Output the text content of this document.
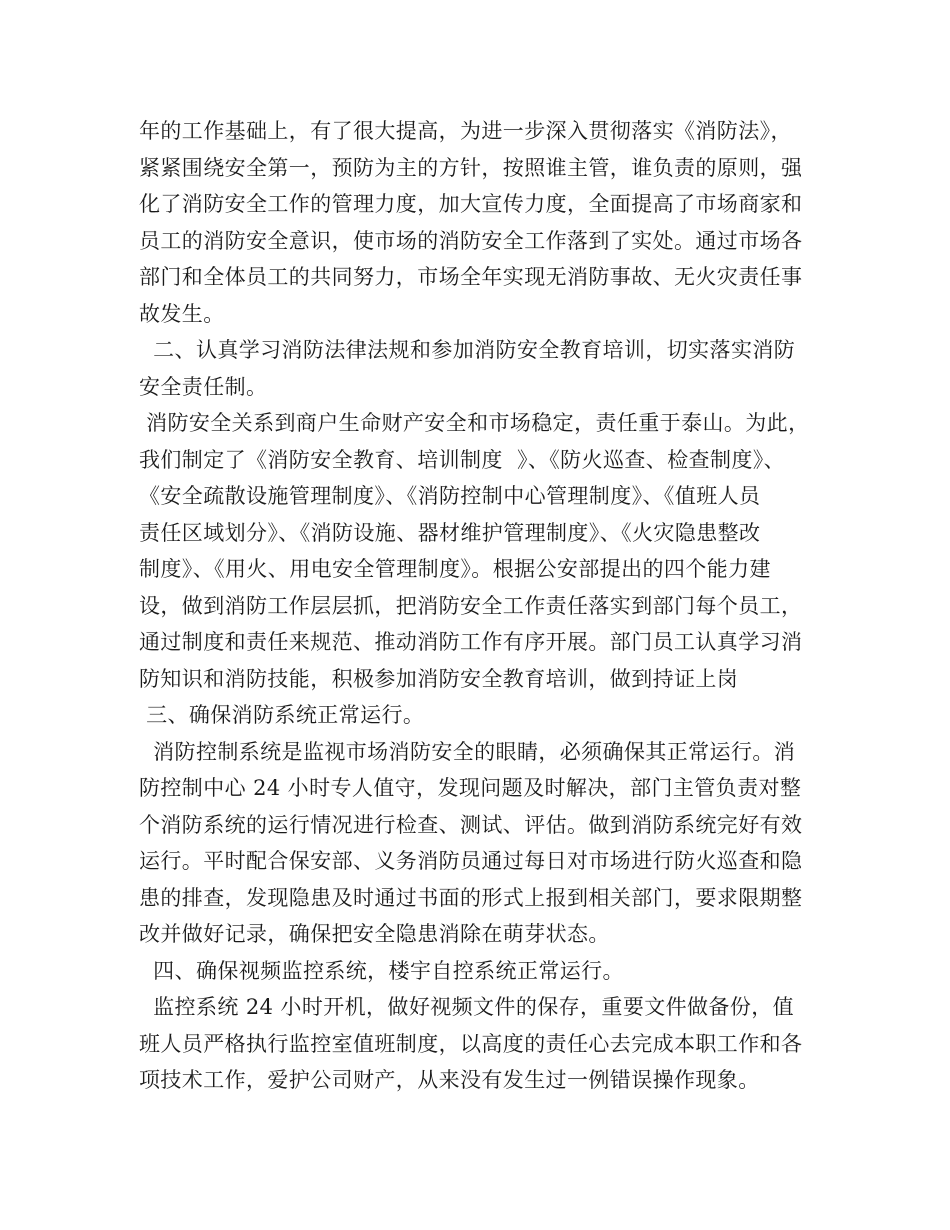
年的工作基础上，有了很大提高，为进一步深入贯彻落实《消防法》，
紧紧围绕安全第一，预防为主的方针，按照谁主管，谁负责的原则，强
化了消防安全工作的管理力度，加大宣传力度，全面提高了市场商家和
员工的消防安全意识，使市场的消防安全工作落到了实处。通过市场各
部门和全体员工的共同努力，市场全年实现无消防事故、无火灾责任事
故发生。
二、认真学习消防法律法规和参加消防安全教育培训，切实落实消防
安全责任制。
消防安全关系到商户生命财产安全和市场稳定，责任重于泰山。为此，
我们制定了《消防安全教育、培训制度  》、《防火巡查、检查制度》、
《安全疏散设施管理制度》、《消防控制中心管理制度》、《值班人员
责任区域划分》、《消防设施、器材维护管理制度》、《火灾隐患整改
制度》、《用火、用电安全管理制度》。根据公安部提出的四个能力建
设，做到消防工作层层抓，把消防安全工作责任落实到部门每个员工，
通过制度和责任来规范、推动消防工作有序开展。部门员工认真学习消
防知识和消防技能，积极参加消防安全教育培训，做到持证上岗
三、确保消防系统正常运行。
消防控制系统是监视市场消防安全的眼睛，必须确保其正常运行。消
防控制中心 24 小时专人值守，发现问题及时解决，部门主管负责对整
个消防系统的运行情况进行检查、测试、评估。做到消防系统完好有效
运行。平时配合保安部、义务消防员通过每日对市场进行防火巡查和隐
患的排查，发现隐患及时通过书面的形式上报到相关部门，要求限期整
改并做好记录，确保把安全隐患消除在萌芽状态。
四、确保视频监控系统，楼宇自控系统正常运行。
监控系统 24 小时开机，做好视频文件的保存，重要文件做备份，值
班人员严格执行监控室值班制度，以高度的责任心去完成本职工作和各
项技术工作，爱护公司财产，从来没有发生过一例错误操作现象。
